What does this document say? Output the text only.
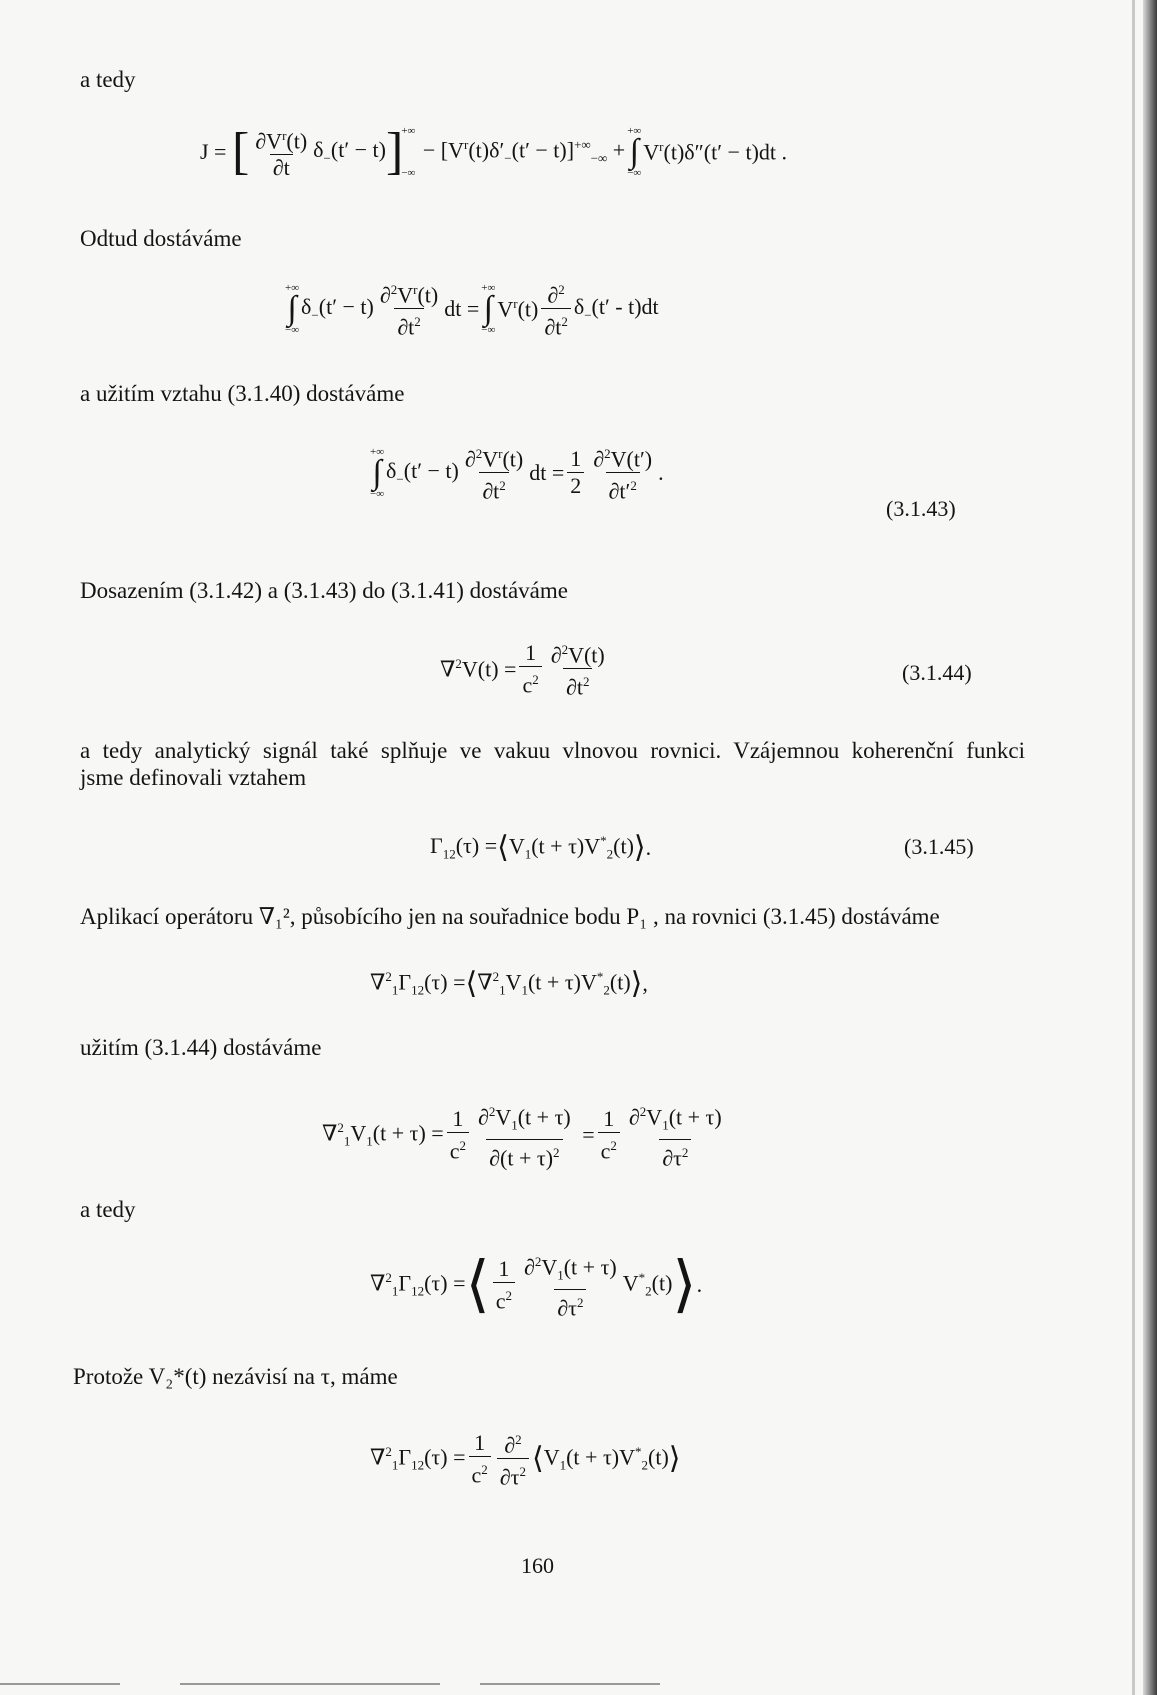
a tedy
J = [ $\frac{\partial V^r(t)}{\partial t} \delta_-(t' - t)$ ]
+∞

−∞
− $[V^r(t)\delta'_-(t' - t)]^{+\infty}_{-\infty}$ +
+∞
∫
−∞
$V^r(t)\delta''(t' - t)dt$ .
Odtud dostáváme
+∞
∫
−∞
$\delta_-(t' - t) \frac{\partial^2V^r(t)}{\partial t^2}$ dt =
+∞
∫
−∞
$V^r(t) \frac{\partial^2}{\partial t^2} \delta_-(t' - t)dt$
a užitím vztahu (3.1.40) dostáváme
+∞
∫
−∞
$\delta_-(t' - t) \frac{\partial^2V^r(t)}{\partial t^2}$ dt = $\frac{1}{2} \frac{\partial^2V(t')}{\partial t'^2}$ .
(3.1.43)
Dosazením (3.1.42) a (3.1.43) do (3.1.41) dostáváme
$\nabla^2V(t) = \frac{1}{c^2} \frac{\partial^2V(t)}{\partial t^2}$	(3.1.44)
a tedy analytický signál také splňuje ve vakuu vlnovou rovnici. Vzájemnou koherenční funkci
jsme definovali vztahem
$\Gamma_{12}(\tau)$ = ⟨ $V_1(t + \tau)V^*_2(t)$ ⟩ .	(3.1.45)
Aplikací operátoru ∇₁², působícího jen na souřadnice bodu P₁ , na rovnici (3.1.45) dostáváme
$\nabla^2_1\Gamma_{12}(\tau)$ = ⟨ $\nabla^2_1V_1(t + \tau)V^*_2(t)$ ⟩ ,
užitím (3.1.44) dostáváme
$\nabla^2_1V_1(t + \tau) = \frac{1}{c^2} \frac{\partial^2V_1(t + \tau)}{\partial(t + \tau)^2} = \frac{1}{c^2} \frac{\partial^2V_1(t + \tau)}{\partial\tau^2}$
a tedy
$\nabla^2_1\Gamma_{12}(\tau)$ = ⟨ $\frac{1}{c^2} \frac{\partial^2V_1(t + \tau)}{\partial\tau^2} V^*_2(t)$ ⟩ .
Protože V₂*(t) nezávisí na τ, máme
$\nabla^2_1\Gamma_{12}(\tau) = \frac{1}{c^2} \frac{\partial^2}{\partial\tau^2}$ ⟨ $V_1(t + \tau)V^*_2(t)$ ⟩
160
